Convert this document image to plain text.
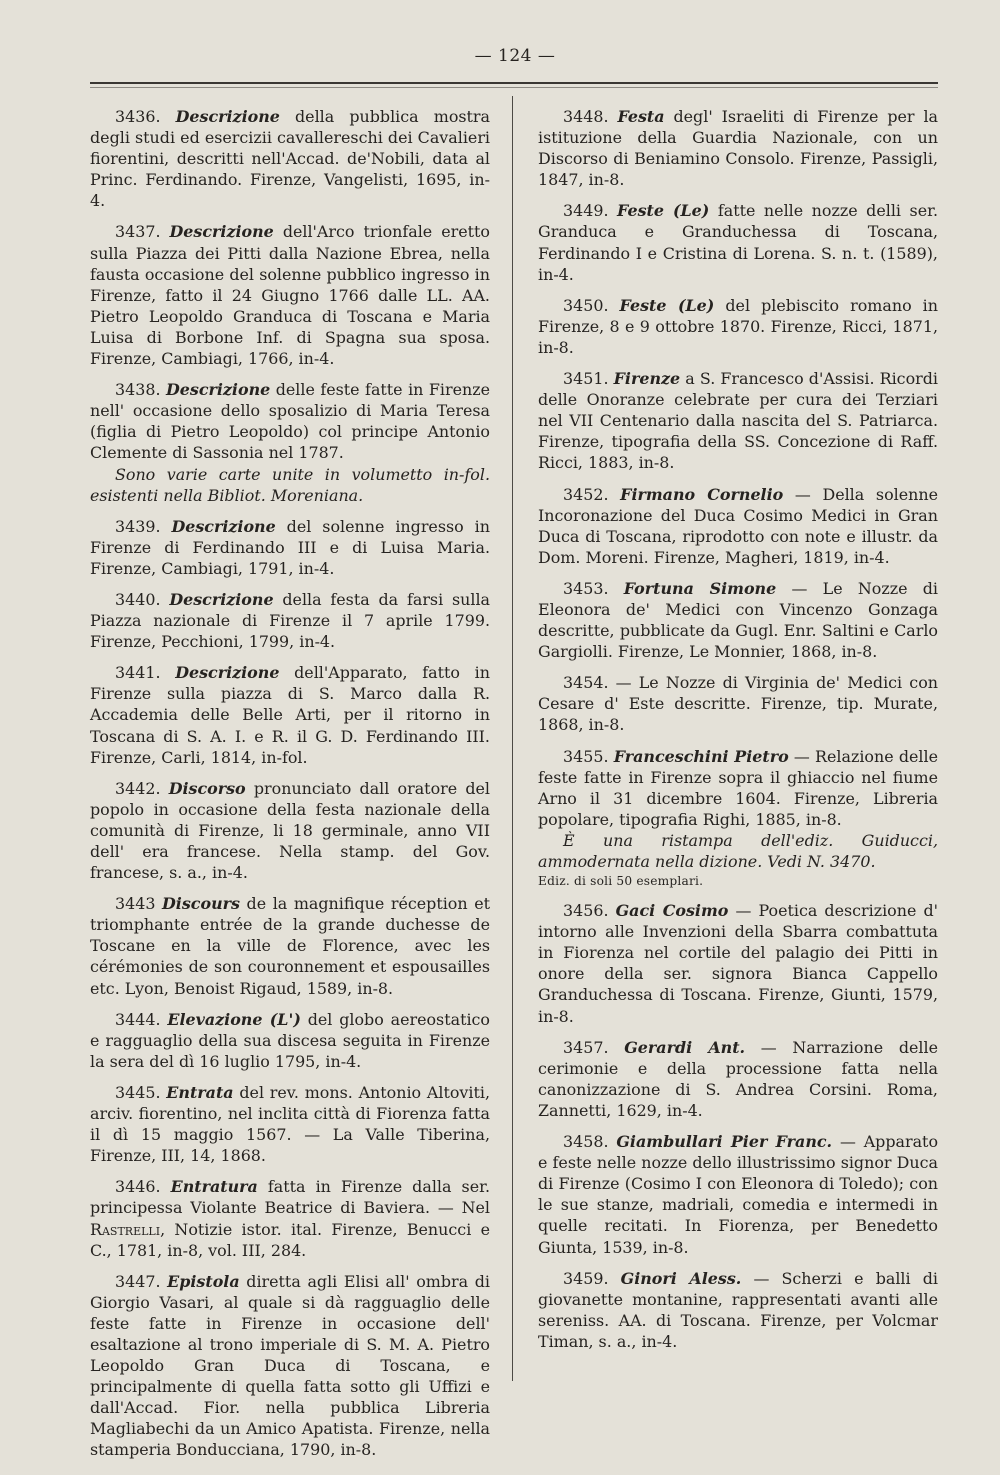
— 124 —
3436. Descrizione della pubblica mostra degli studi ed esercizii cavallereschi dei Cavalieri fiorentini, descritti nell'Accad. de'Nobili, data al Princ. Ferdinando. Firenze, Vangelisti, 1695, in-4.
3437. Descrizione dell'Arco trionfale eretto sulla Piazza dei Pitti dalla Nazione Ebrea, nella fausta occasione del solenne pubblico ingresso in Firenze, fatto il 24 Giugno 1766 dalle LL. AA. Pietro Leopoldo Granduca di Toscana e Maria Luisa di Borbone Inf. di Spagna sua sposa. Firenze, Cambiagi, 1766, in-4.
3438. Descrizione delle feste fatte in Firenze nell' occasione dello sposalizio di Maria Teresa (figlia di Pietro Leopoldo) col principe Antonio Clemente di Sassonia nel 1787.
Sono varie carte unite in volumetto in-fol. esistenti nella Bibliot. Moreniana.
3439. Descrizione del solenne ingresso in Firenze di Ferdinando III e di Luisa Maria. Firenze, Cambiagi, 1791, in-4.
3440. Descrizione della festa da farsi sulla Piazza nazionale di Firenze il 7 aprile 1799. Firenze, Pecchioni, 1799, in-4.
3441. Descrizione dell'Apparato, fatto in Firenze sulla piazza di S. Marco dalla R. Accademia delle Belle Arti, per il ritorno in Toscana di S. A. I. e R. il G. D. Ferdinando III. Firenze, Carli, 1814, in-fol.
3442. Discorso pronunciato dall oratore del popolo in occasione della festa nazionale della comunità di Firenze, li 18 germinale, anno VII dell' era francese. Nella stamp. del Gov. francese, s. a., in-4.
3443 Discours de la magnifique réception et triomphante entrée de la grande duchesse de Toscane en la ville de Florence, avec les cérémonies de son couronnement et espousailles etc. Lyon, Benoist Rigaud, 1589, in-8.
3444. Elevazione (L') del globo aereostatico e ragguaglio della sua discesa seguita in Firenze la sera del dì 16 luglio 1795, in-4.
3445. Entrata del rev. mons. Antonio Altoviti, arciv. fiorentino, nel inclita città di Fiorenza fatta il dì 15 maggio 1567. — La Valle Tiberina, Firenze, III, 14, 1868.
3446. Entratura fatta in Firenze dalla ser. principessa Violante Beatrice di Baviera. — Nel Rastrelli, Notizie istor. ital. Firenze, Benucci e C., 1781, in-8, vol. III, 284.
3447. Epistola diretta agli Elisi all' ombra di Giorgio Vasari, al quale si dà ragguaglio delle feste fatte in Firenze in occasione dell' esaltazione al trono imperiale di S. M. A. Pietro Leopoldo Gran Duca di Toscana, e principalmente di quella fatta sotto gli Uffizi e dall'Accad. Fior. nella pubblica Libreria Magliabechi da un Amico Apatista. Firenze, nella stamperia Bonducciana, 1790, in-8.
3448. Festa degl' Israeliti di Firenze per la istituzione della Guardia Nazionale, con un Discorso di Beniamino Consolo. Firenze, Passigli, 1847, in-8.
3449. Feste (Le) fatte nelle nozze delli ser. Granduca e Granduchessa di Toscana, Ferdinando I e Cristina di Lorena. S. n. t. (1589), in-4.
3450. Feste (Le) del plebiscito romano in Firenze, 8 e 9 ottobre 1870. Firenze, Ricci, 1871, in-8.
3451. Firenze a S. Francesco d'Assisi. Ricordi delle Onoranze celebrate per cura dei Terziari nel VII Centenario dalla nascita del S. Patriarca. Firenze, tipografia della SS. Concezione di Raff. Ricci, 1883, in-8.
3452. Firmano Cornelio — Della solenne Incoronazione del Duca Cosimo Medici in Gran Duca di Toscana, riprodotto con note e illustr. da Dom. Moreni. Firenze, Magheri, 1819, in-4.
3453. Fortuna Simone — Le Nozze di Eleonora de' Medici con Vincenzo Gonzaga descritte, pubblicate da Gugl. Enr. Saltini e Carlo Gargiolli. Firenze, Le Monnier, 1868, in-8.
3454. — Le Nozze di Virginia de' Medici con Cesare d' Este descritte. Firenze, tip. Murate, 1868, in-8.
3455. Franceschini Pietro — Relazione delle feste fatte in Firenze sopra il ghiaccio nel fiume Arno il 31 dicembre 1604. Firenze, Libreria popolare, tipografia Righi, 1885, in-8.
È una ristampa dell'ediz. Guiducci, ammodernata nella dizione. Vedi N. 3470.
Ediz. di soli 50 esemplari.
3456. Gaci Cosimo — Poetica descrizione d' intorno alle Invenzioni della Sbarra combattuta in Fiorenza nel cortile del palagio dei Pitti in onore della ser. signora Bianca Cappello Granduchessa di Toscana. Firenze, Giunti, 1579, in-8.
3457. Gerardi Ant. — Narrazione delle cerimonie e della processione fatta nella canonizzazione di S. Andrea Corsini. Roma, Zannetti, 1629, in-4.
3458. Giambullari Pier Franc. — Apparato e feste nelle nozze dello illustrissimo signor Duca di Firenze (Cosimo I con Eleonora di Toledo); con le sue stanze, madriali, comedia e intermedi in quelle recitati. In Fiorenza, per Benedetto Giunta, 1539, in-8.
3459. Ginori Aless. — Scherzi e balli di giovanette montanine, rappresentati avanti alle sereniss. AA. di Toscana. Firenze, per Volcmar Timan, s. a., in-4.
